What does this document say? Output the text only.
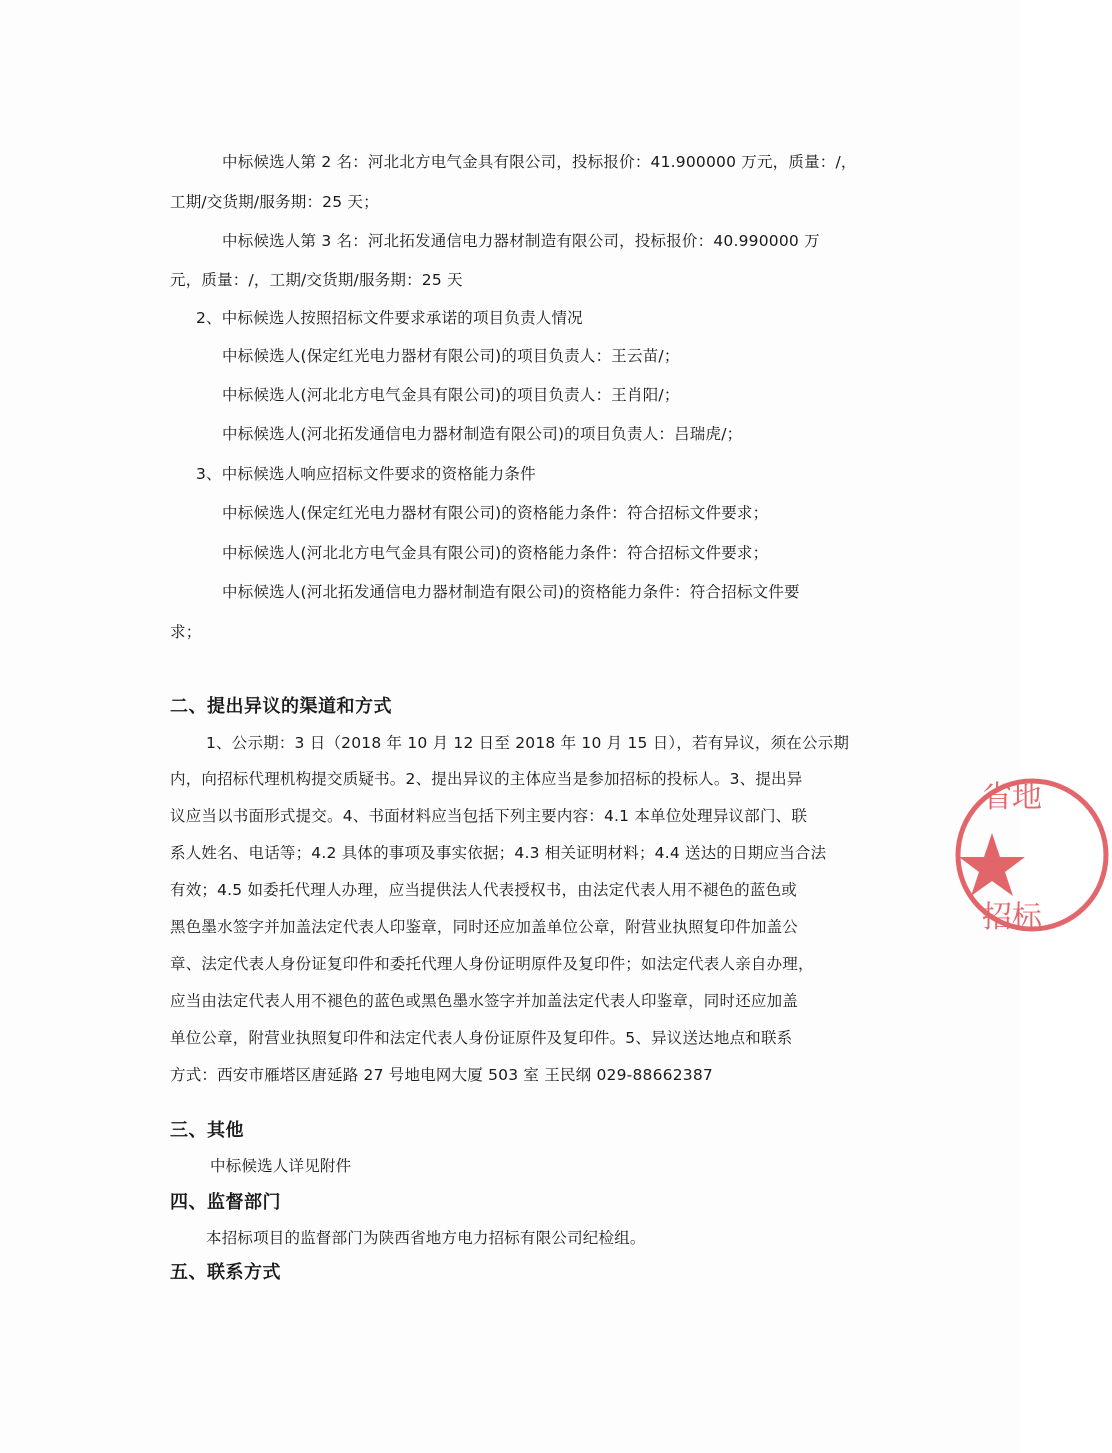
中标候选人第 2 名：河北北方电气金具有限公司，投标报价：41.900000 万元，质量：/，
工期/交货期/服务期：25 天；
中标候选人第 3 名：河北拓发通信电力器材制造有限公司，投标报价：40.990000 万
元，质量：/，工期/交货期/服务期：25 天
2、中标候选人按照招标文件要求承诺的项目负责人情况
中标候选人(保定红光电力器材有限公司)的项目负责人：王云苗/；
中标候选人(河北北方电气金具有限公司)的项目负责人：王肖阳/；
中标候选人(河北拓发通信电力器材制造有限公司)的项目负责人：吕瑞虎/；
3、中标候选人响应招标文件要求的资格能力条件
中标候选人(保定红光电力器材有限公司)的资格能力条件：符合招标文件要求；
中标候选人(河北北方电气金具有限公司)的资格能力条件：符合招标文件要求；
中标候选人(河北拓发通信电力器材制造有限公司)的资格能力条件：符合招标文件要
求；
二、提出异议的渠道和方式
1、公示期：3 日（2018 年 10 月 12 日至 2018 年 10 月 15 日），若有异议，须在公示期
内，向招标代理机构提交质疑书。2、提出异议的主体应当是参加招标的投标人。3、提出异
议应当以书面形式提交。4、书面材料应当包括下列主要内容：4.1 本单位处理异议部门、联
系人姓名、电话等；4.2 具体的事项及事实依据；4.3 相关证明材料；4.4 送达的日期应当合法
有效；4.5 如委托代理人办理，应当提供法人代表授权书，由法定代表人用不褪色的蓝色或
黑色墨水签字并加盖法定代表人印鉴章，同时还应加盖单位公章，附营业执照复印件加盖公
章、法定代表人身份证复印件和委托代理人身份证明原件及复印件；如法定代表人亲自办理，
应当由法定代表人用不褪色的蓝色或黑色墨水签字并加盖法定代表人印鉴章，同时还应加盖
单位公章，附营业执照复印件和法定代表人身份证原件及复印件。5、异议送达地点和联系
方式：西安市雁塔区唐延路 27 号地电网大厦 503 室 王民纲 029-88662387
三、其他
中标候选人详见附件
四、监督部门
本招标项目的监督部门为陕西省地方电力招标有限公司纪检组。
五、联系方式
省地
招标
